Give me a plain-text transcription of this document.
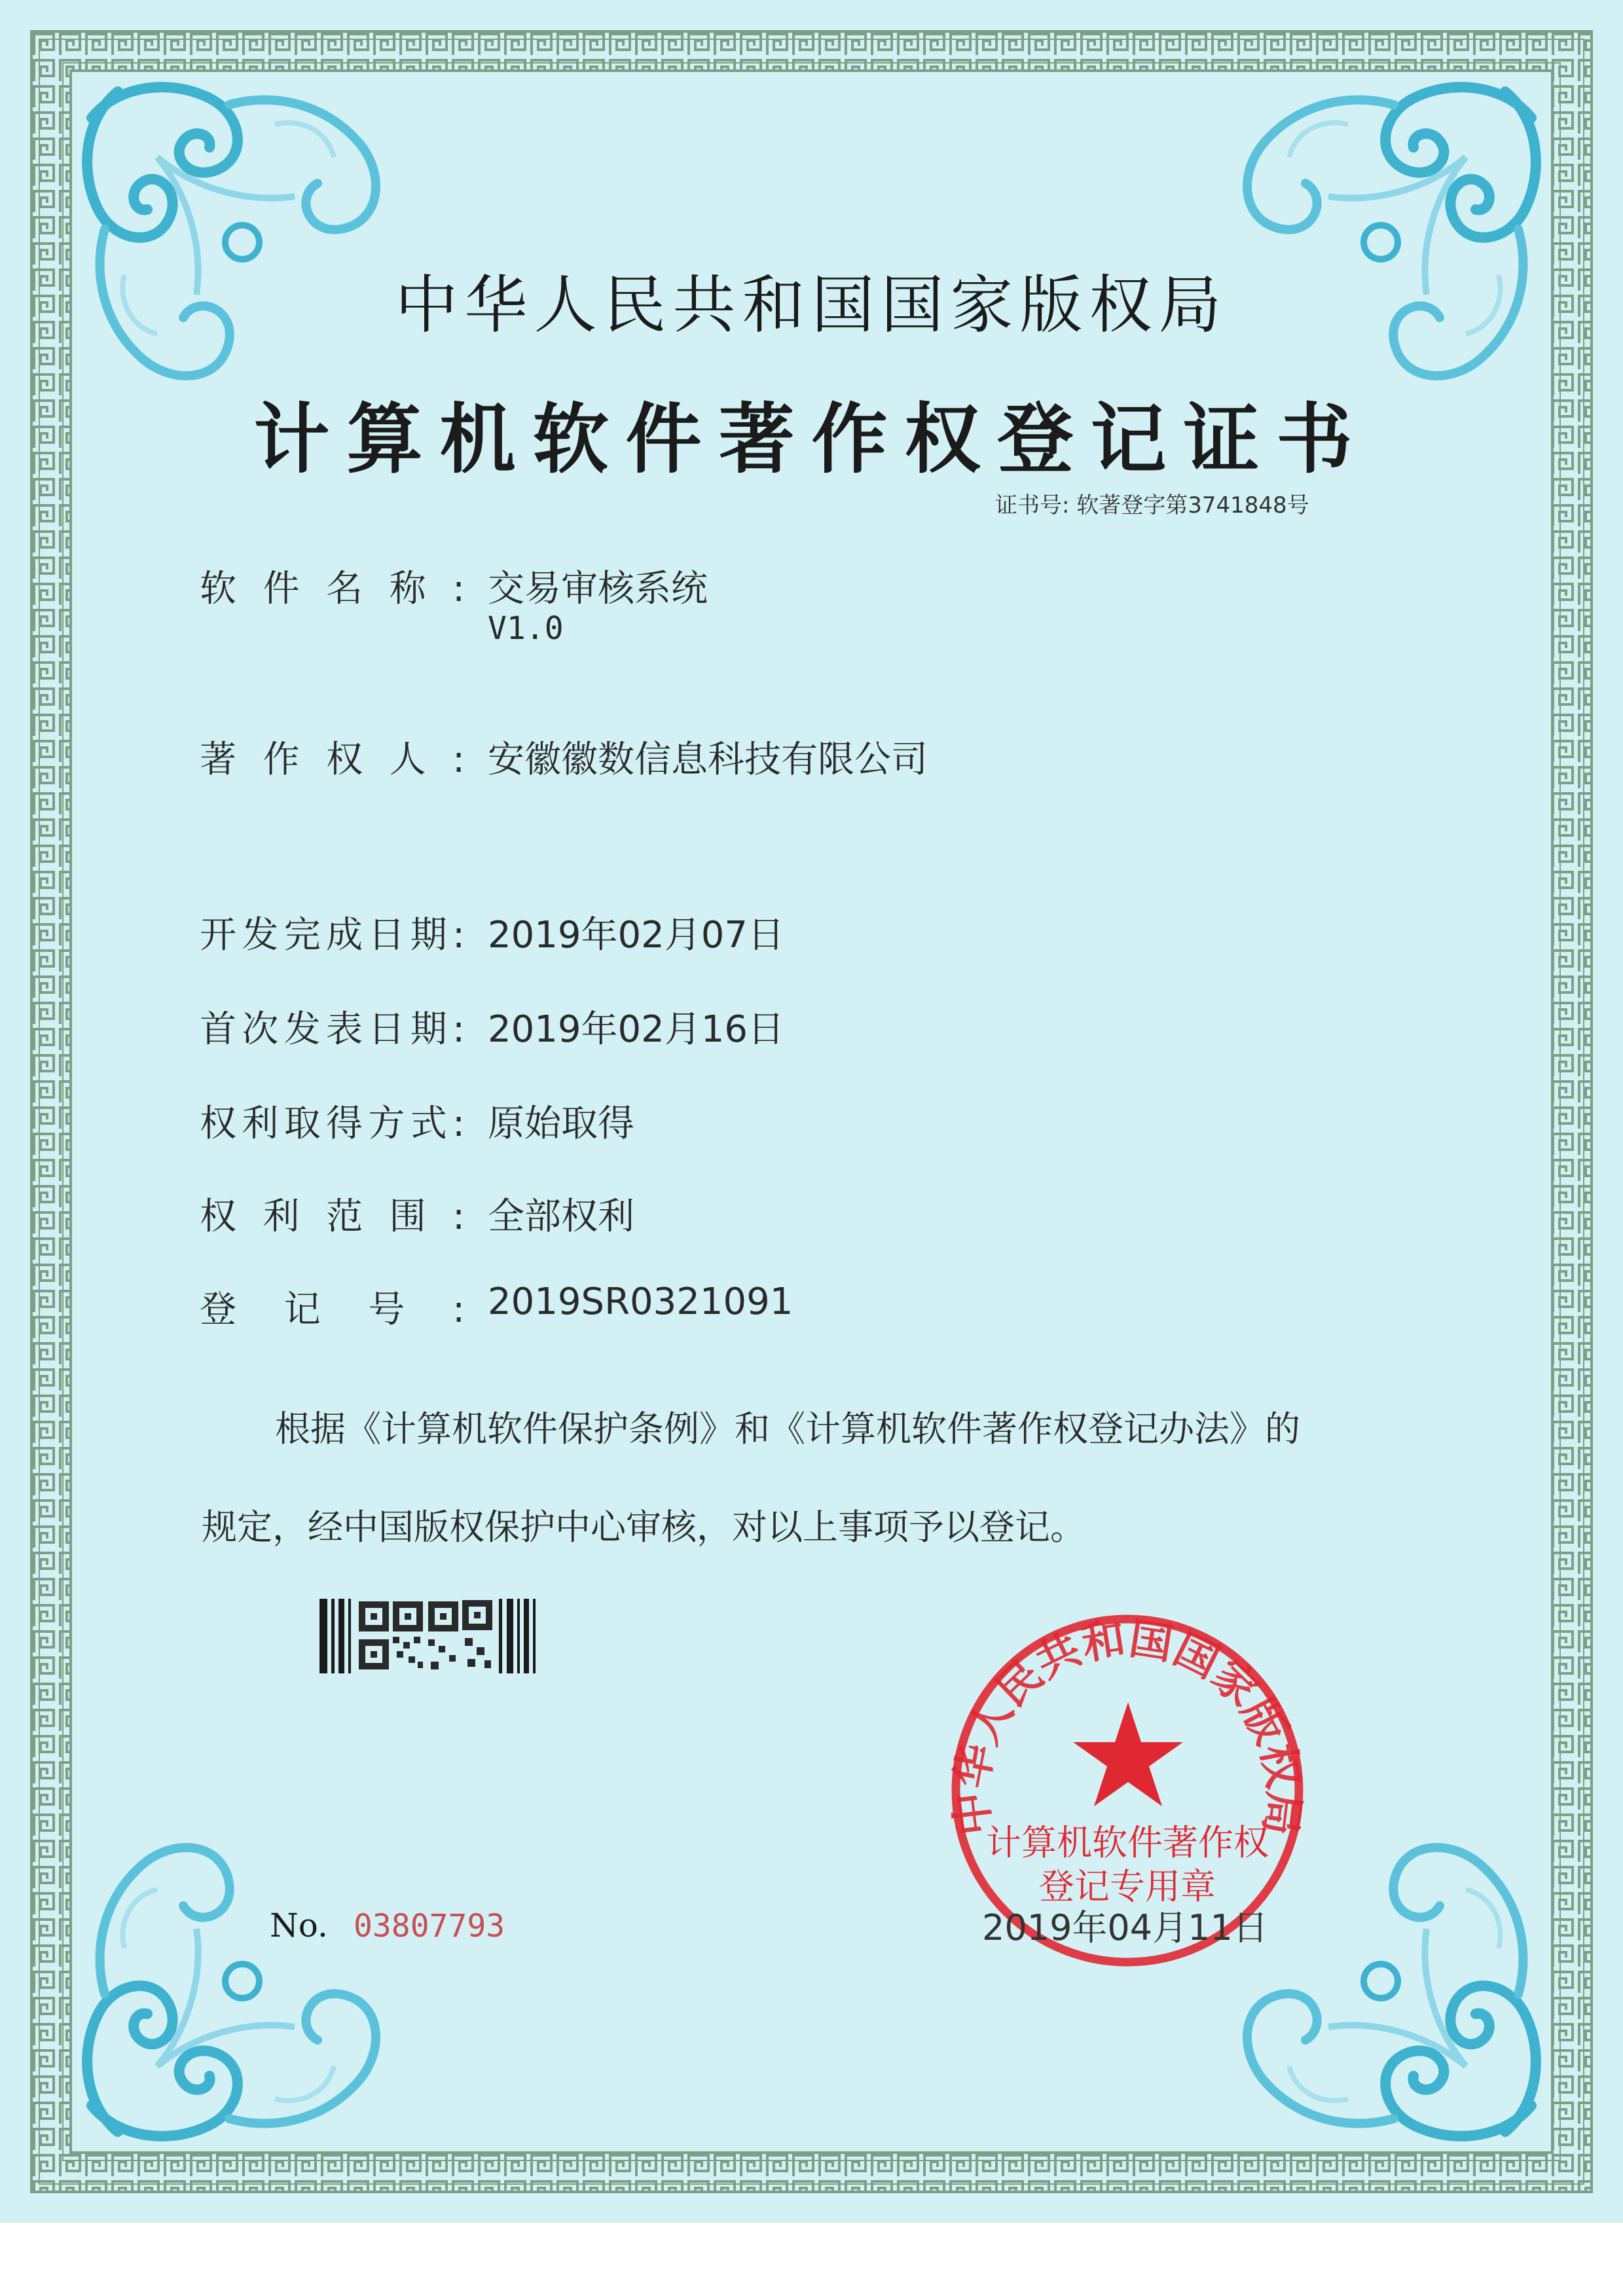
中华人民共和国国家版权局
计算机软件著作权
登记专用章
中华人民共和国国家版权局
计算机软件著作权登记证书
证书号: 软著登字第3741848号
软件名称: 交易审核系统
V1.0
著作权人: 安徽徽数信息科技有限公司
开发完成日期: 2019年02月07日
首次发表日期: 2019年02月16日
权利取得方式: 原始取得
权利范围: 全部权利
登记号: 2019SR0321091
根据《计算机软件保护条例》和《计算机软件著作权登记办法》的
规定，经中国版权保护中心审核，对以上事项予以登记。
No. 03807793	2019年04月11日
